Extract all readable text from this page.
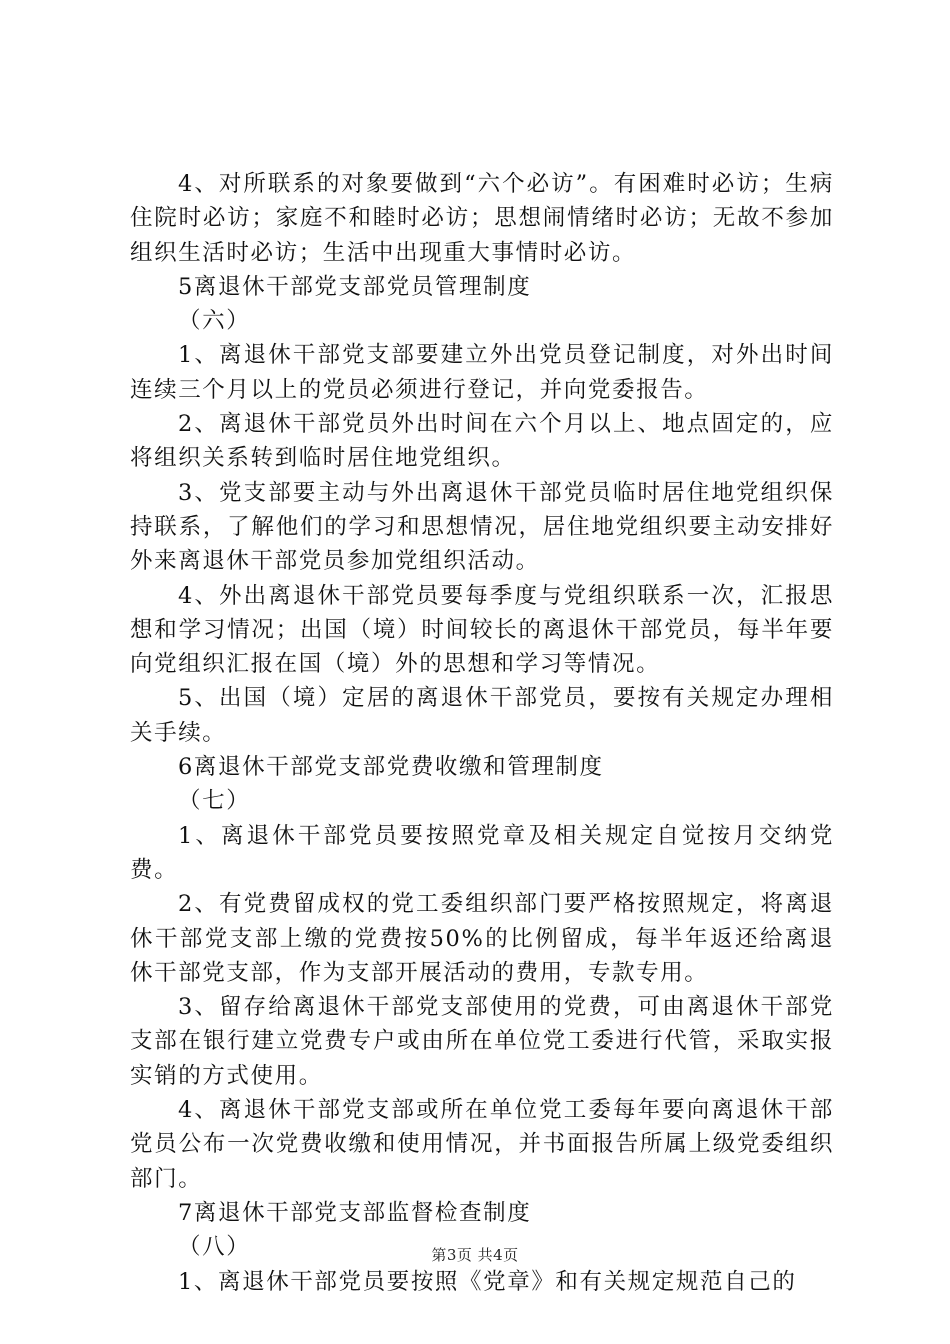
4、对所联系的对象要做到“六个必访”。有困难时必访；生病住院时必访；家庭不和睦时必访；思想闹情绪时必访；无故不参加组织生活时必访；生活中出现重大事情时必访。

5离退休干部党支部党员管理制度

（六）

1、离退休干部党支部要建立外出党员登记制度，对外出时间连续三个月以上的党员必须进行登记，并向党委报告。

2、离退休干部党员外出时间在六个月以上、地点固定的，应将组织关系转到临时居住地党组织。

3、党支部要主动与外出离退休干部党员临时居住地党组织保持联系，了解他们的学习和思想情况，居住地党组织要主动安排好外来离退休干部党员参加党组织活动。

4、外出离退休干部党员要每季度与党组织联系一次，汇报思想和学习情况；出国（境）时间较长的离退休干部党员，每半年要向党组织汇报在国（境）外的思想和学习等情况。

5、出国（境）定居的离退休干部党员，要按有关规定办理相关手续。

6离退休干部党支部党费收缴和管理制度

（七）

1、离退休干部党员要按照党章及相关规定自觉按月交纳党费。

2、有党费留成权的党工委组织部门要严格按照规定，将离退休干部党支部上缴的党费按50%的比例留成，每半年返还给离退休干部党支部，作为支部开展活动的费用，专款专用。

3、留存给离退休干部党支部使用的党费，可由离退休干部党支部在银行建立党费专户或由所在单位党工委进行代管，采取实报实销的方式使用。

4、离退休干部党支部或所在单位党工委每年要向离退休干部党员公布一次党费收缴和使用情况，并书面报告所属上级党委组织部门。

7离退休干部党支部监督检查制度

（八）

1、离退休干部党员要按照《党章》和有关规定规范自己的

第3页 共4页
